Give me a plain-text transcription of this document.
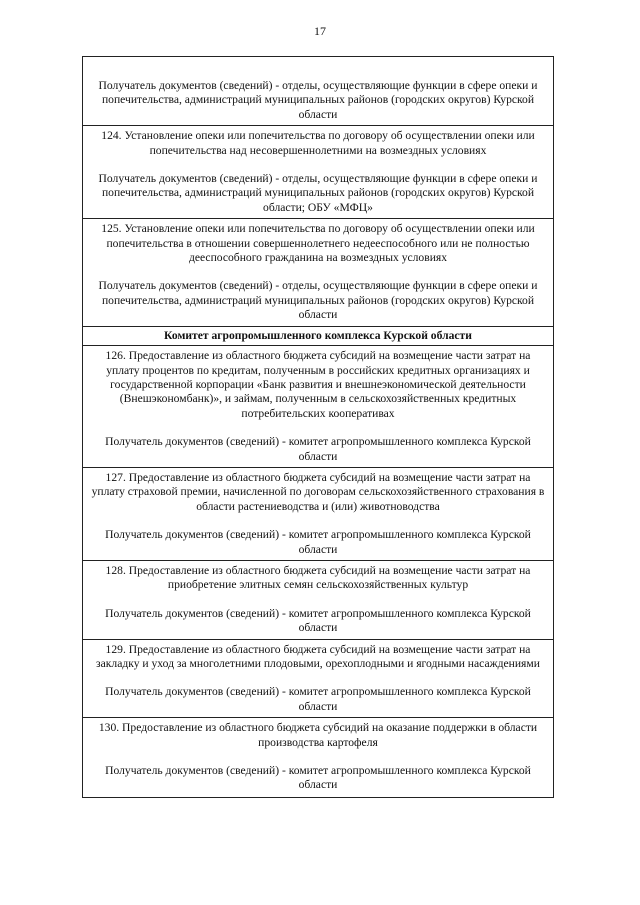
17

Получатель документов (сведений) - отделы, осуществляющие функции в сфере опеки и попечительства, администраций муниципальных районов (городских округов) Курской области

124. Установление опеки или попечительства по договору об осуществлении опеки или попечительства над несовершеннолетними на возмездных условиях

Получатель документов (сведений) - отделы, осуществляющие функции в сфере опеки и попечительства, администраций муниципальных районов (городских округов) Курской области; ОБУ «МФЦ»

125. Установление опеки или попечительства по договору об осуществлении опеки или попечительства в отношении совершеннолетнего недееспособного или не полностью дееспособного гражданина на возмездных условиях

Получатель документов (сведений) - отделы, осуществляющие функции в сфере опеки и попечительства, администраций муниципальных районов (городских округов) Курской области

Комитет агропромышленного комплекса Курской области

126. Предоставление из областного бюджета субсидий на возмещение части затрат на уплату процентов по кредитам, полученным в российских кредитных организациях и государственной корпорации «Банк развития и внешнеэкономической деятельности (Внешэкономбанк)», и займам, полученным в сельскохозяйственных кредитных потребительских кооперативах

Получатель документов (сведений) - комитет агропромышленного комплекса Курской области

127. Предоставление из областного бюджета субсидий на возмещение части затрат на уплату страховой премии, начисленной по договорам сельскохозяйственного страхования в области растениеводства и (или) животноводства

Получатель документов (сведений) - комитет агропромышленного комплекса Курской области

128. Предоставление из областного бюджета субсидий на возмещение части затрат на приобретение элитных семян сельскохозяйственных культур

Получатель документов (сведений) - комитет агропромышленного комплекса Курской области

129. Предоставление из областного бюджета субсидий на возмещение части затрат на закладку и уход за многолетними плодовыми, орехоплодными и ягодными насаждениями

Получатель документов (сведений) - комитет агропромышленного комплекса Курской области

130. Предоставление из областного бюджета субсидий на оказание поддержки в области производства картофеля

Получатель документов (сведений) - комитет агропромышленного комплекса Курской области
